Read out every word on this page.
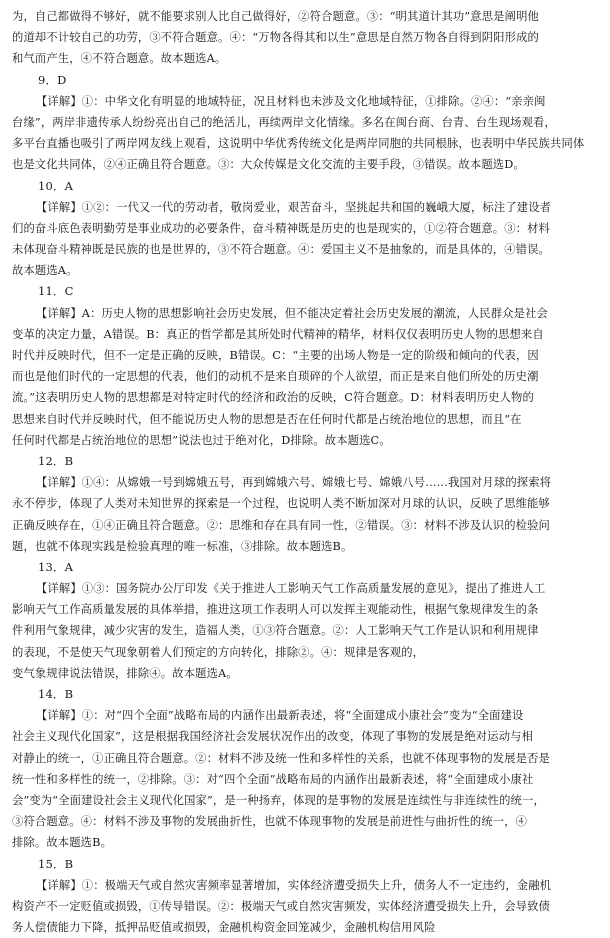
为，自己都做得不够好，就不能要求别人比自己做得好，②符合题意。③：“明其道计其功”意思是阐明他
的道却不计较自己的功劳，③不符合题意。④：“万物各得其和以生”意思是自然万物各自得到阴阳形成的
和气而产生，④不符合题意。故本题选A。
9．D
【详解】①：中华文化有明显的地域特征，况且材料也未涉及文化地域特征，①排除。②④：“亲亲闽
台缘”，两岸非遗传承人纷纷亮出自己的绝活儿，再续两岸文化情缘。多名在闽台商、台青、台生现场观看，
多平台直播也吸引了两岸网友线上观看，这说明中华优秀传统文化是两岸同胞的共同根脉，也表明中华民族共同体
也是文化共同体，②④正确且符合题意。③：大众传媒是文化交流的主要手段，③错误。故本题选D。
10．A
【详解】①②：一代又一代的劳动者，敬岗爱业，艰苦奋斗，坚挑起共和国的巍峨大厦，标注了建设者
们的奋斗底色表明勤劳是事业成功的必要条件，奋斗精神既是历史的也是现实的，①②符合题意。③：材料
未体现奋斗精神既是民族的也是世界的，③不符合题意。④：爱国主义不是抽象的，而是具体的，④错误。
故本题选A。
11．C
【详解】A：历史人物的思想影响社会历史发展，但不能决定着社会历史发展的潮流，人民群众是社会
变革的决定力量，A错误。B：真正的哲学都是其所处时代精神的精华，材料仅仅表明历史人物的思想来自
时代并反映时代，但不一定是正确的反映，B错误。C：“主要的出场人物是一定的阶级和倾向的代表，因
而也是他们时代的一定思想的代表，他们的动机不是来自琐碎的个人欲望，而正是来自他们所处的历史潮
流。”这表明历史人物的思想都是对特定时代的经济和政治的反映，C符合题意。D：材料表明历史人物的
思想来自时代并反映时代，但不能说历史人物的思想是否在任何时代都是占统治地位的思想，而且“在
任何时代都是占统治地位的思想”说法也过于绝对化，D排除。故本题选C。
12．B
【详解】①④：从嫦娥一号到嫦娥五号，再到嫦娥六号、嫦娥七号、嫦娥八号……我国对月球的探索将
永不停步，体现了人类对未知世界的探索是一个过程，也说明人类不断加深对月球的认识，反映了思维能够
正确反映存在，①④正确且符合题意。②：思维和存在具有同一性，②错误。③：材料不涉及认识的检验问
题，也就不体现实践是检验真理的唯一标准，③排除。故本题选B。
13．A
【详解】①③：国务院办公厅印发《关于推进人工影响天气工作高质量发展的意见》，提出了推进人工
影响天气工作高质量发展的具体举措，推进这项工作表明人可以发挥主观能动性，根据气象规律发生的条
件利用气象规律，减少灾害的发生，造福人类，①③符合题意。②：人工影响天气工作是认识和利用规律
的表现，不是使天气现象朝着人们预定的方向转化，排除②。④：规律是客观的，
变气象规律说法错误，排除④。故本题选A。
14．B
【详解】①：对“四个全面”战略布局的内涵作出最新表述，将“全面建成小康社会”变为“全面建设
社会主义现代化国家”，这是根据我国经济社会发展状况作出的改变，体现了事物的发展是绝对运动与相
对静止的统一，①正确且符合题意。②：材料不涉及统一性和多样性的关系，也就不体现事物的发展是否是
统一性和多样性的统一，②排除。③：对“四个全面”战略布局的内涵作出最新表述，将“全面建成小康社
会”变为“全面建设社会主义现代化国家”，是一种扬弃，体现的是事物的发展是连续性与非连续性的统一，
③符合题意。④：材料不涉及事物的发展曲折性，也就不体现事物的发展是前进性与曲折性的统一，④
排除。故本题选B。
15．B
【详解】①：极端天气或自然灾害频率显著增加，实体经济遭受损失上升，债务人不一定违约，金融机
构资产不一定贬值或损毁，①传导错误。②：极端天气或自然灾害频发，实体经济遭受损失上升，会导致债
务人偿债能力下降，抵押品贬值或损毁，金融机构资金回笼减少，金融机构信用风险
